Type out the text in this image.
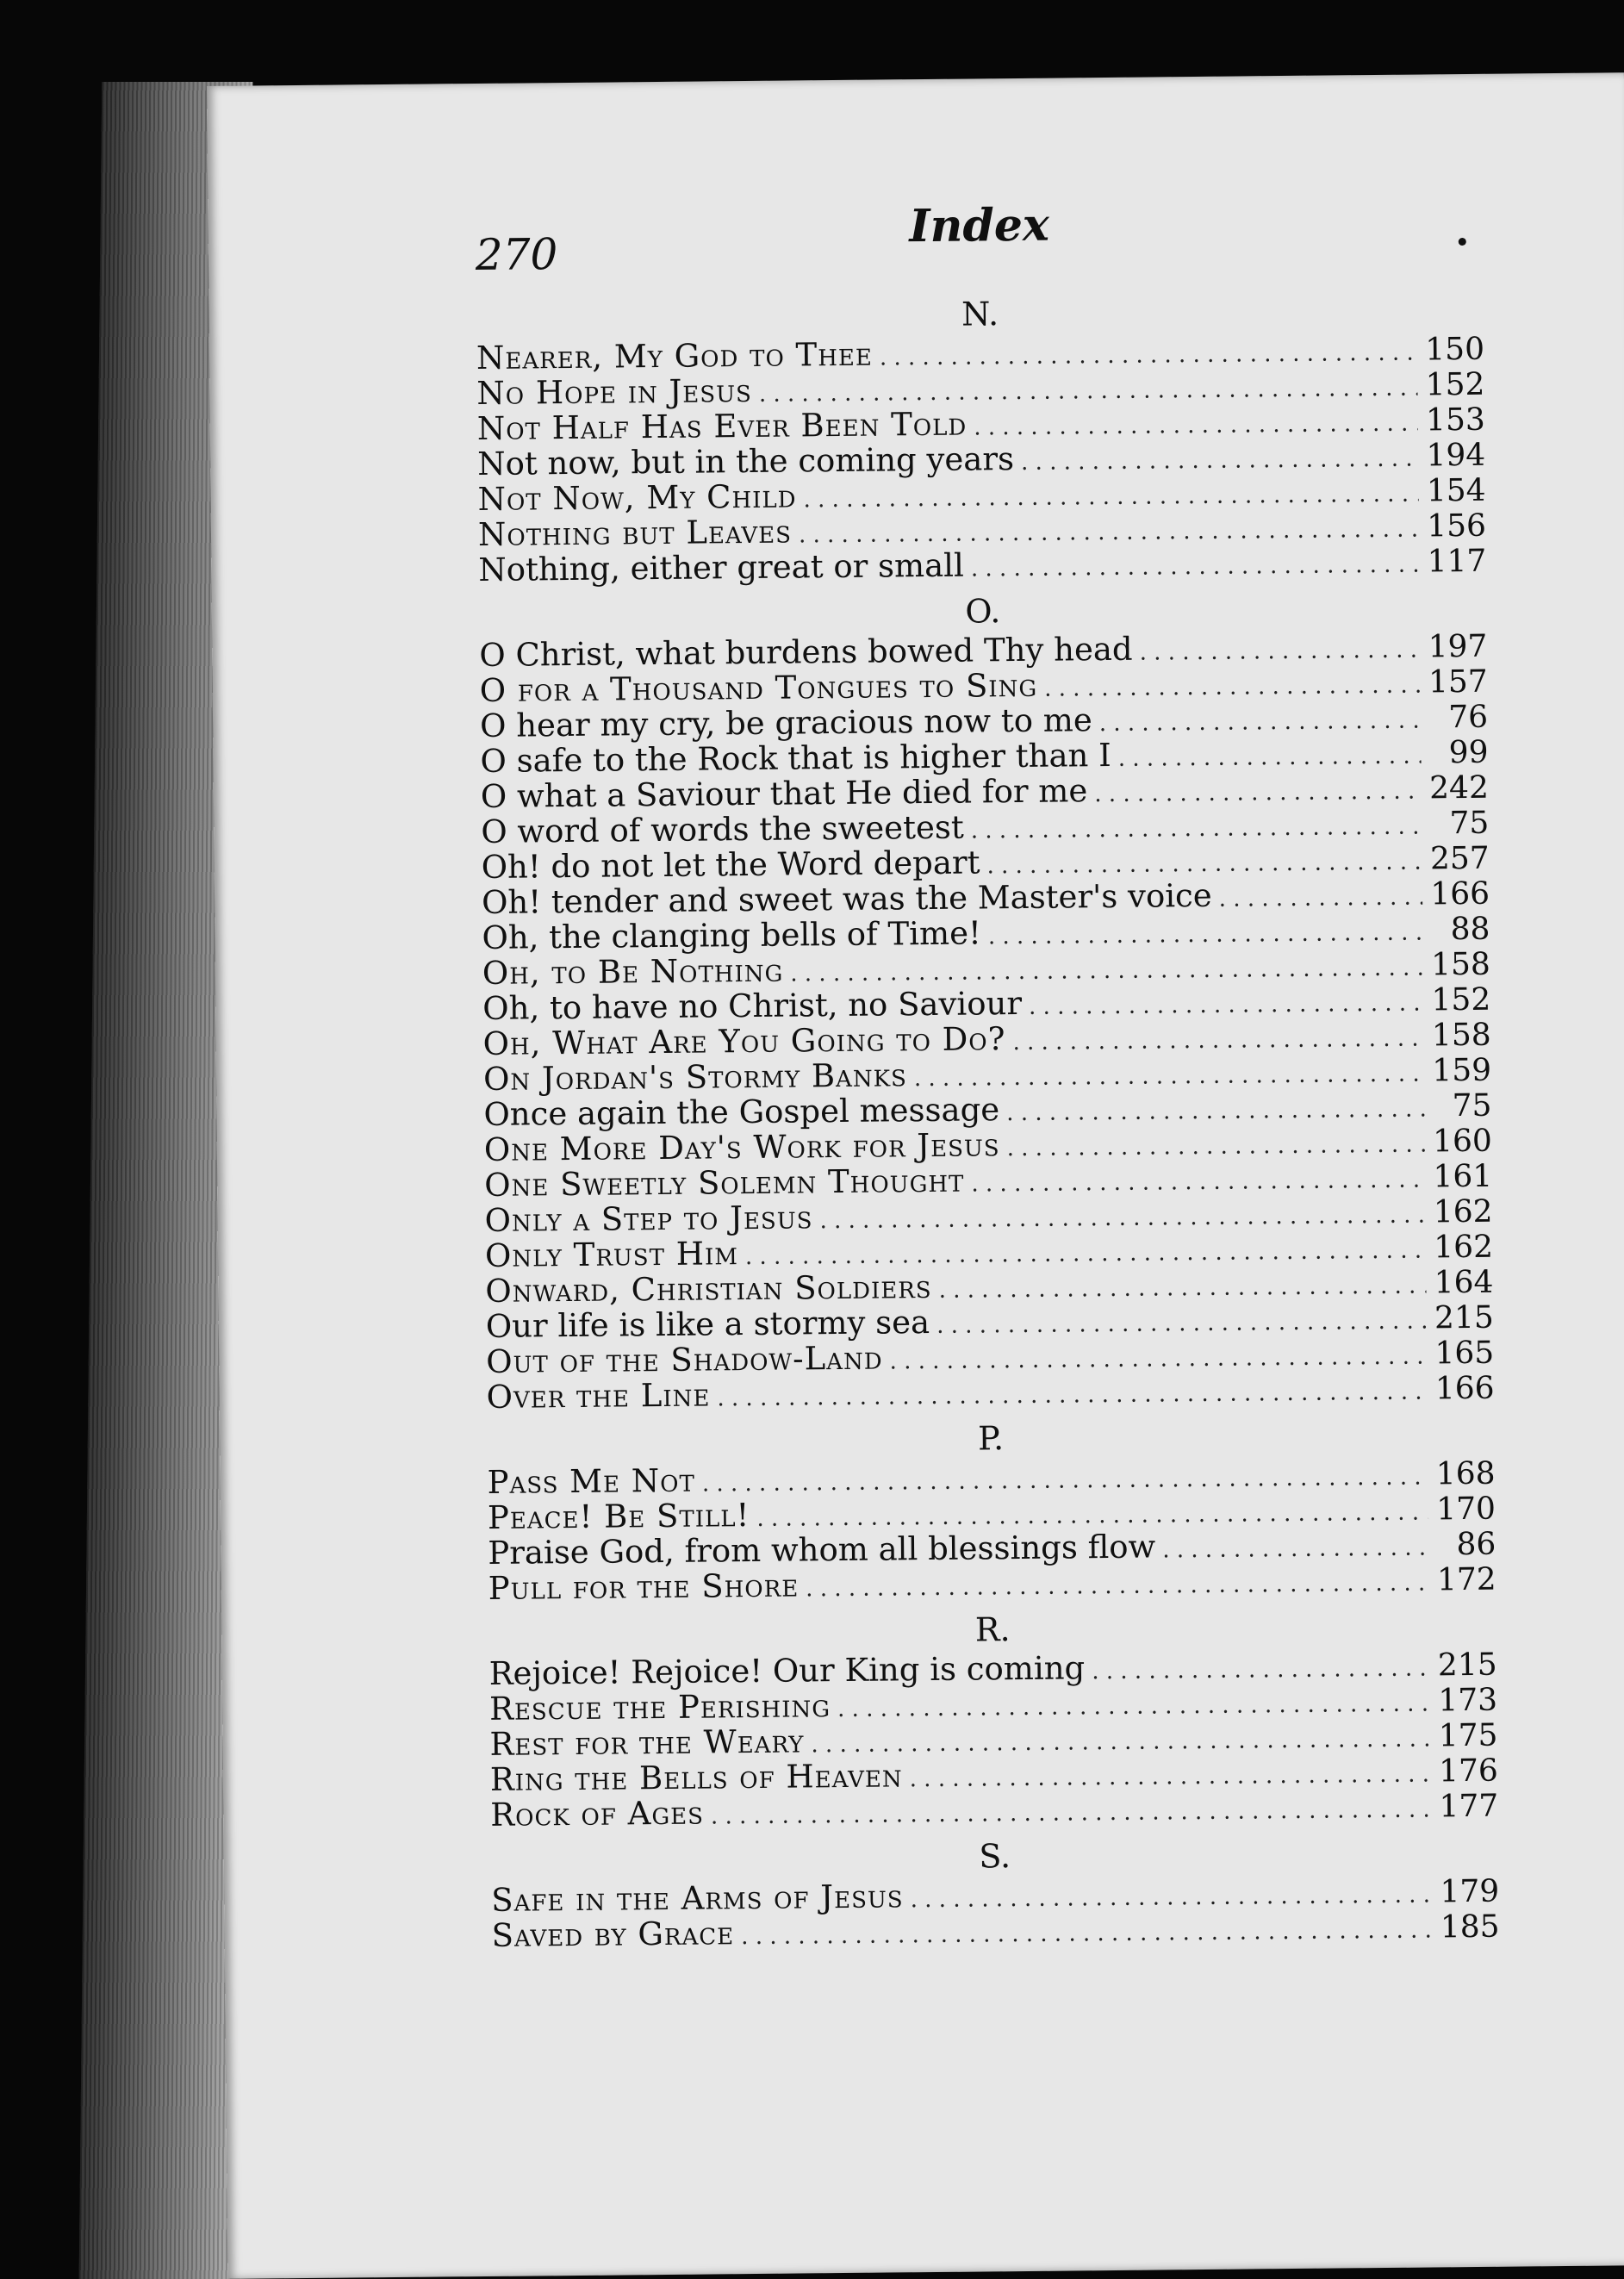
270
Index
N.
Nearer, My God to Thee . . .	150
No Hope in Jesus . . .	152
Not Half Has Ever Been Told . . .	153
Not now, but in the coming years . . .	194
Not Now, My Child . . .	154
Nothing but Leaves . . .	156
Nothing, either great or small . . .	117
O.
O Christ, what burdens bowed Thy head . . .	197
O for a Thousand Tongues to Sing . . .	157
O hear my cry, be gracious now to me . . .	76
O safe to the Rock that is higher than I . . .	99
O what a Saviour that He died for me . . .	242
O word of words the sweetest . . .	75
Oh! do not let the Word depart . . .	257
Oh! tender and sweet was the Master's voice . . .	166
Oh, the clanging bells of Time! . . .	88
Oh, to Be Nothing . . .	158
Oh, to have no Christ, no Saviour . . .	152
Oh, What Are You Going to Do? . . .	158
On Jordan's Stormy Banks . . .	159
Once again the Gospel message . . .	75
One More Day's Work for Jesus . . .	160
One Sweetly Solemn Thought . . .	161
Only a Step to Jesus . . .	162
Only Trust Him . . .	162
Onward, Christian Soldiers . . .	164
Our life is like a stormy sea . . .	215
Out of the Shadow-Land . . .	165
Over the Line . . .	166
P.
Pass Me Not . . .	168
Peace! Be Still! . . .	170
Praise God, from whom all blessings flow . . .	86
Pull for the Shore . . .	172
R.
Rejoice! Rejoice! Our King is coming . . .	215
Rescue the Perishing . . .	173
Rest for the Weary . . .	175
Ring the Bells of Heaven . . .	176
Rock of Ages . . .	177
S.
Safe in the Arms of Jesus . . .	179
Saved by Grace . . .	185
